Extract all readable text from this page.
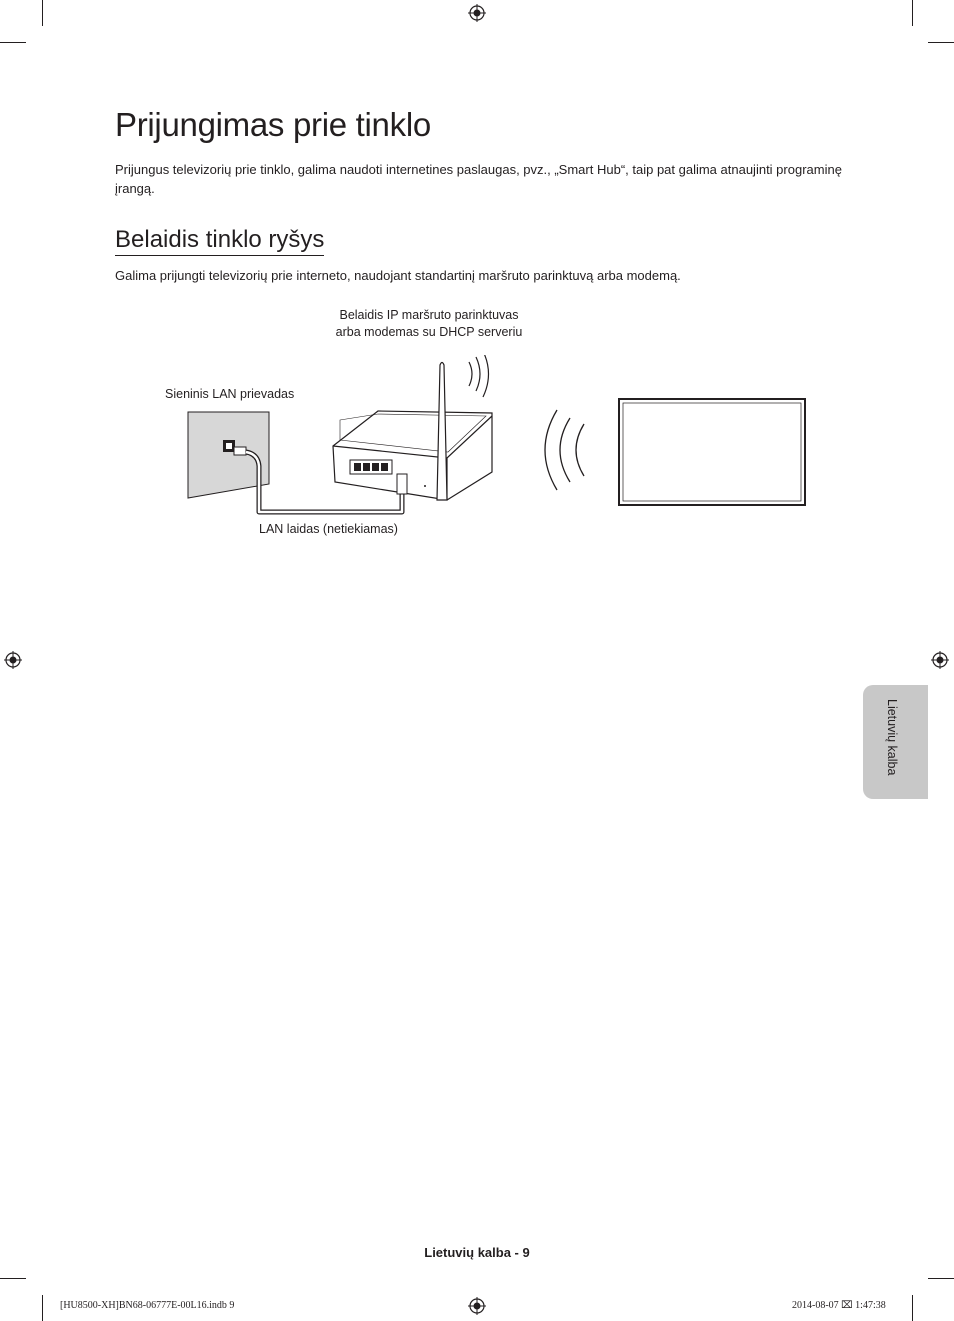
Prijungimas prie tinklo
Prijungus televizorių prie tinklo, galima naudoti internetines paslaugas, pvz., „Smart Hub“, taip pat galima atnaujinti programinę įrangą.
Belaidis tinklo ryšys
Galima prijungti televizorių prie interneto, naudojant standartinį maršruto parinktuvą arba modemą.
Belaidis IP maršruto parinktuvas
arba modemas su DHCP serveriu
Sieninis LAN prievadas
LAN laidas (netiekiamas)
Lietuvių kalba
Lietuvių kalba - 9
[HU8500-XH]BN68-06777E-00L16.indb 9	2014-08-07 ⌧ 1:47:38
